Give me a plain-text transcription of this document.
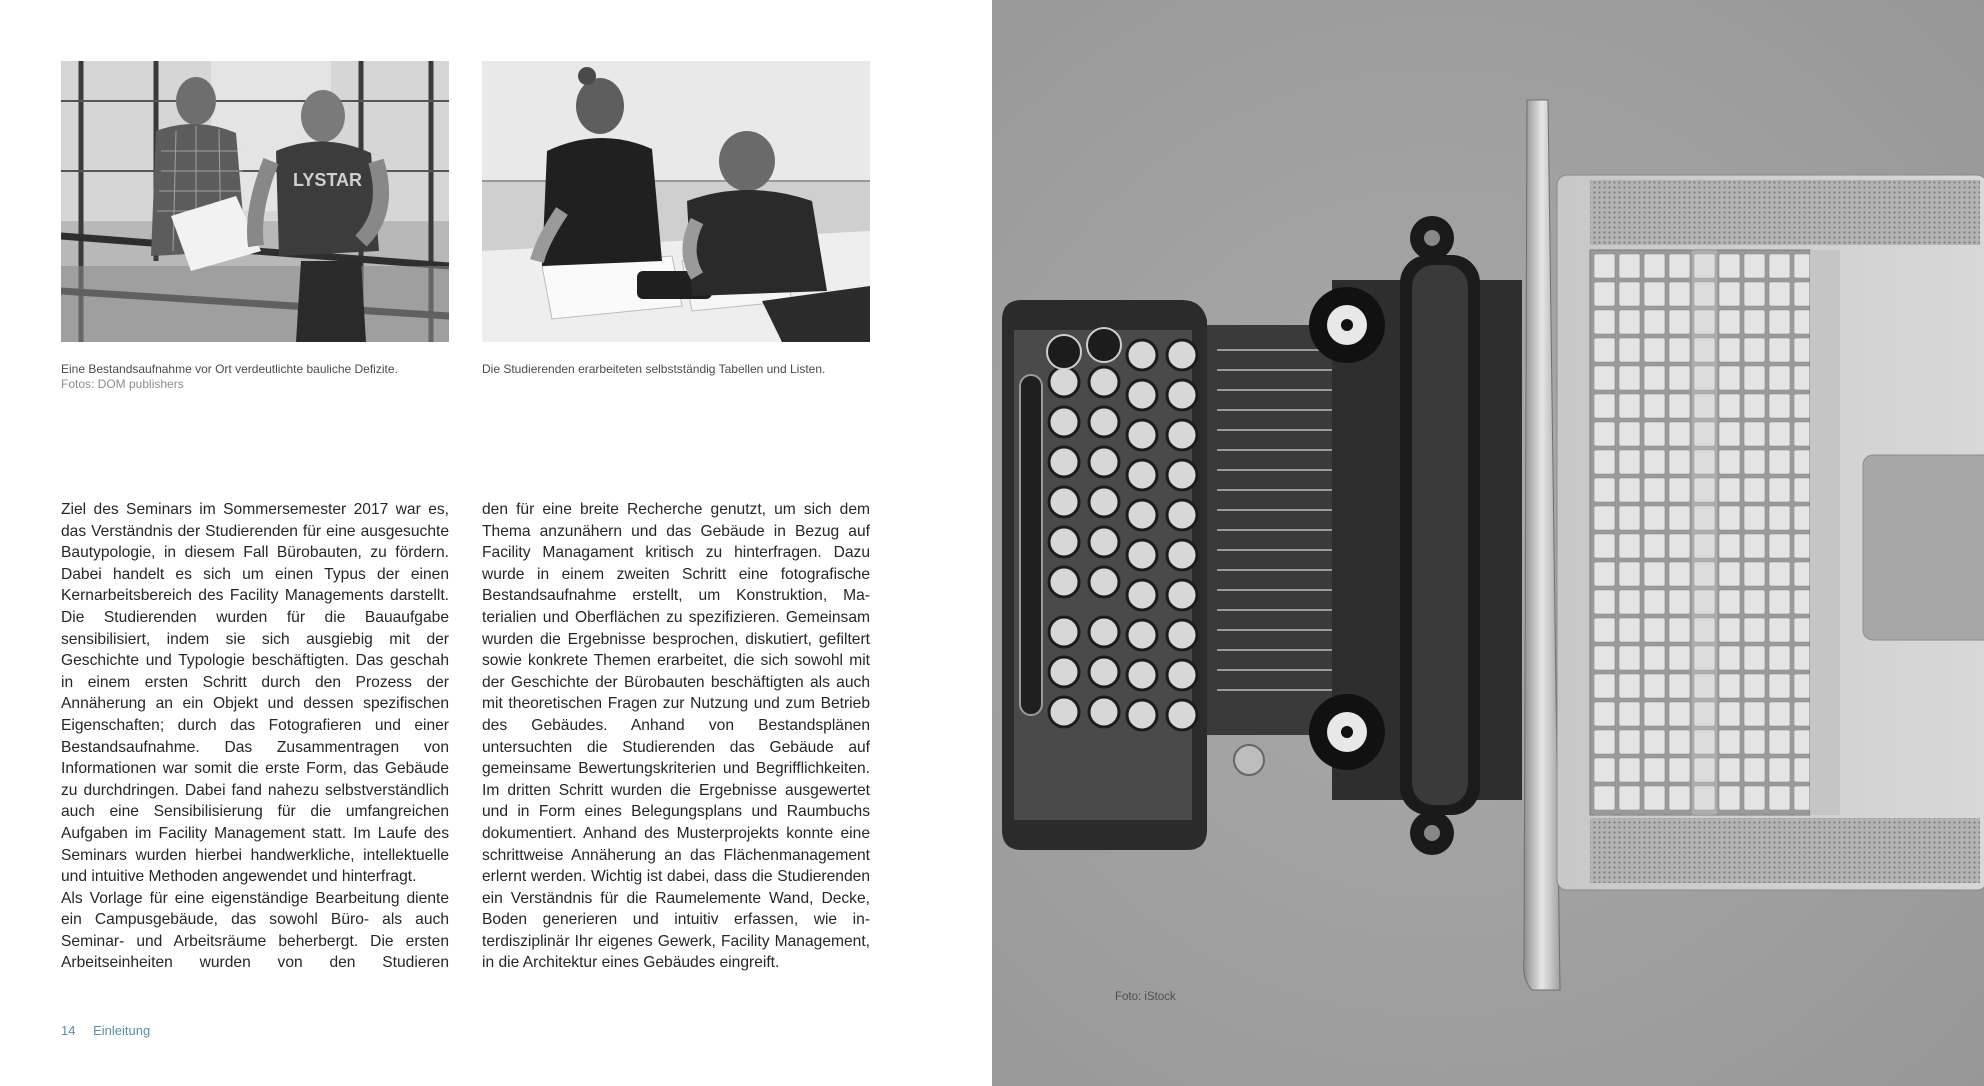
LYSTAR
Eine Bestandsaufnahme vor Ort verdeutlichte bauliche Defizite.
Fotos: DOM publishers
Die Studierenden erarbeiteten selbstständig Tabellen und Listen.

Ziel des Seminars im Sommersemester 2017 war es, das Verständnis der Studierenden für eine ausgesuchte Bautypologie, in diesem Fall Bürobauten, zu fördern. Dabei handelt es sich um einen Typus der einen Kernarbeitsbereich des Facility Managements darstellt. Die Studierenden wurden für die Bauaufgabe sensibilisiert, indem sie sich ausgiebig mit der Geschichte und Typologie beschäftigten. Das geschah in einem ersten Schritt durch den Prozess der Annäherung an ein Objekt und dessen spezifischen Eigenschaften; durch das Fotografieren und einer Bestandsaufnahme. Das Zusammentragen von Informationen war somit die erste Form, das Gebäude zu durchdringen. Dabei fand nahezu selbstverständlich auch eine Sensibilisierung für die umfangreichen Aufgaben im Facility Management statt. Im Laufe des Seminars wurden hierbei handwerkliche, intellektuelle und intuitive Methoden angewendet und hinterfragt.

Als Vorlage für eine eigenständige Bearbeitung diente ein Campusgebäude, das sowohl Büro- als auch Seminar- und Arbeitsräume beherbergt. Die ersten Arbeitseinheiten wurden von den Studieren

den für eine breite Recherche genutzt, um sich dem Thema anzunähern und das Gebäude in Bezug auf Facility Managament kritisch zu hinterfragen. Dazu wurde in einem zweiten Schritt eine fotografische Bestandsaufnahme erstellt, um Konstruktion, Materialien und Oberflächen zu spezifizieren. Gemeinsam wurden die Ergebnisse besprochen, diskutiert, gefiltert sowie konkrete Themen erarbeitet, die sich sowohl mit der Geschichte der Bürobauten beschäftigten als auch mit theoretischen Fragen zur Nutzung und zum Betrieb des Gebäudes. Anhand von Bestandsplänen untersuchten die Studierenden das Gebäude auf gemeinsame Bewertungskriterien und Begrifflichkeiten. Im dritten Schritt wurden die Ergebnisse ausgewertet und in Form eines Belegungsplans und Raumbuchs dokumentiert. Anhand des Musterprojekts konnte eine schrittweise Annäherung an das Flächenmanagement erlernt werden. Wichtig ist dabei, dass die Studierenden ein Verständnis für die Raumelemente Wand, Decke, Boden generieren und intuitiv erfassen, wie interdisziplinär Ihr eigenes Gewerk, Facility Management, in die Architektur eines Gebäudes eingreift.

14 Einleitung
Foto: iStock
